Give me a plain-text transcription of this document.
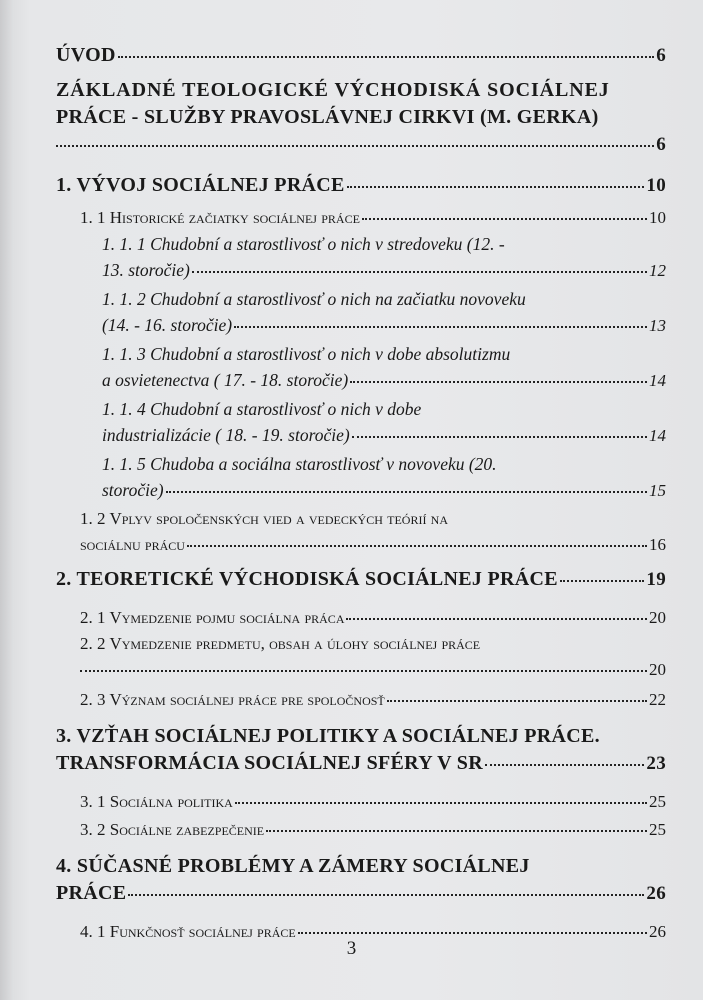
ÚVOD	6
ZÁKLADNÉ TEOLOGICKÉ VÝCHODISKÁ SOCIÁLNEJ
PRÁCE - SLUŽBY PRAVOSLÁVNEJ CIRKVI (M. GERKA)
6
1. VÝVOJ SOCIÁLNEJ PRÁCE	10
1. 1 Historické začiatky sociálnej práce	10
1. 1. 1 Chudobní a starostlivosť o nich v stredoveku (12. -
13. storočie)	12
1. 1. 2 Chudobní a starostlivosť o nich na začiatku novoveku
(14. - 16. storočie)	13
1. 1. 3 Chudobní a starostlivosť o nich v dobe absolutizmu
a osvietenectva ( 17. - 18. storočie)	14
1. 1. 4 Chudobní a starostlivosť o nich v dobe
industrializácie ( 18. - 19. storočie)	14
1. 1. 5 Chudoba a sociálna starostlivosť v novoveku (20.
storočie)	15
1. 2 Vplyv spoločenských vied a vedeckých teórií na
sociálnu prácu	16
2. TEORETICKÉ VÝCHODISKÁ SOCIÁLNEJ PRÁCE	19
2. 1 Vymedzenie pojmu sociálna práca	20
2. 2 Vymedzenie predmetu, obsah a úlohy sociálnej práce
20
2. 3 Význam sociálnej práce pre spoločnosť	22
3. VZŤAH SOCIÁLNEJ POLITIKY A SOCIÁLNEJ PRÁCE.
TRANSFORMÁCIA SOCIÁLNEJ SFÉRY V SR	23
3. 1 Sociálna politika	25
3. 2 Sociálne zabezpečenie	25
4. SÚČASNÉ PROBLÉMY A ZÁMERY SOCIÁLNEJ
PRÁCE	26
4. 1 Funkčnosť sociálnej práce	26
3
